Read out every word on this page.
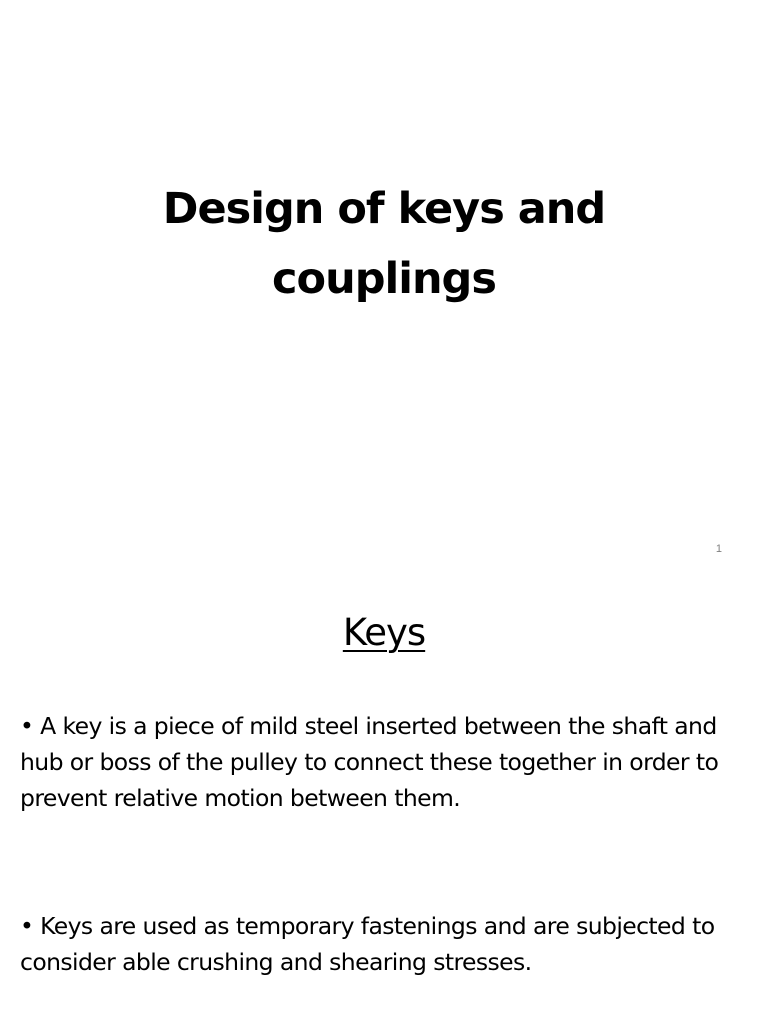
Design of keys and
couplings
1
Keys
• A key is a piece of mild steel inserted between the shaft and hub or boss of the pulley to connect these together in order to prevent relative motion between them.
• Keys are used as temporary fastenings and are subjected to consider able crushing and shearing stresses.
